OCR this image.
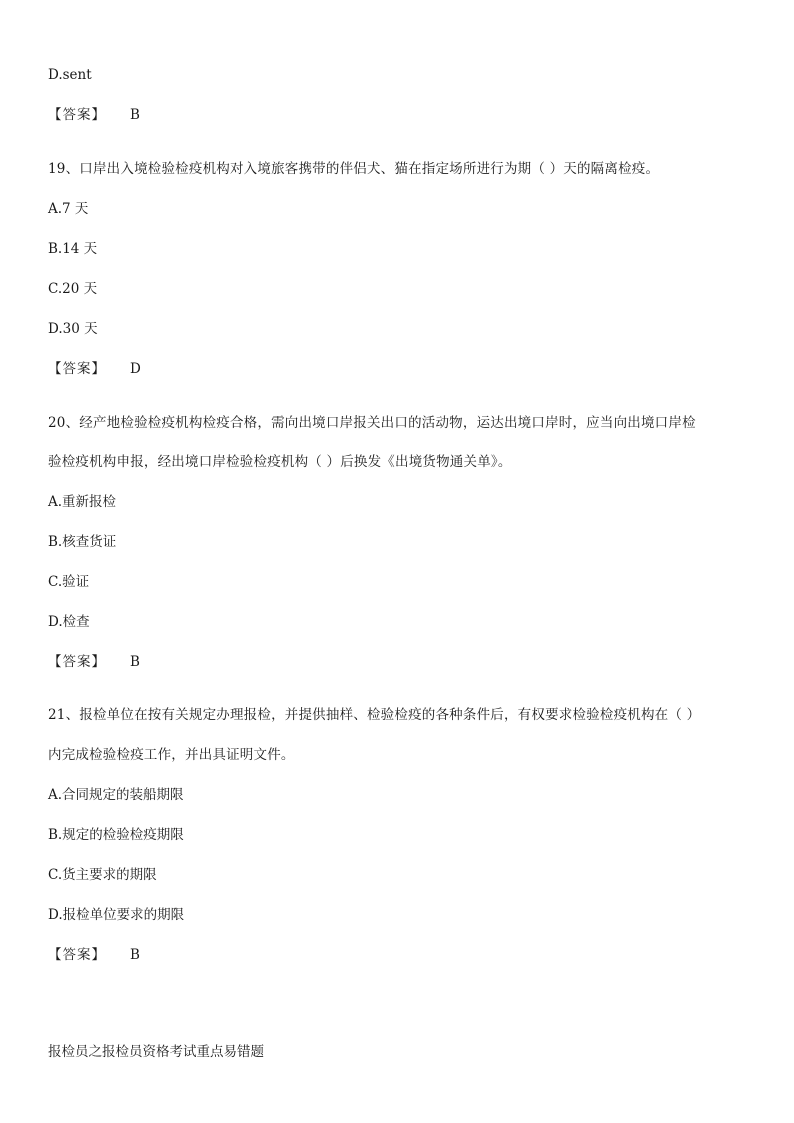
D.sent
【答案】 B
19、口岸出入境检验检疫机构对入境旅客携带的伴侣犬、猫在指定场所进行为期（ ）天的隔离检疫。
A.7 天
B.14 天
C.20 天
D.30 天
【答案】 D
20、经产地检验检疫机构检疫合格，需向出境口岸报关出口的活动物，运达出境口岸时，应当向出境口岸检
验检疫机构申报，经出境口岸检验检疫机构（ ）后换发《出境货物通关单》。
A.重新报检
B.核查货证
C.验证
D.检查
【答案】 B
21、报检单位在按有关规定办理报检，并提供抽样、检验检疫的各种条件后，有权要求检验检疫机构在（ ）
内完成检验检疫工作，并出具证明文件。
A.合同规定的装船期限
B.规定的检验检疫期限
C.货主要求的期限
D.报检单位要求的期限
【答案】 B
报检员之报检员资格考试重点易错题
